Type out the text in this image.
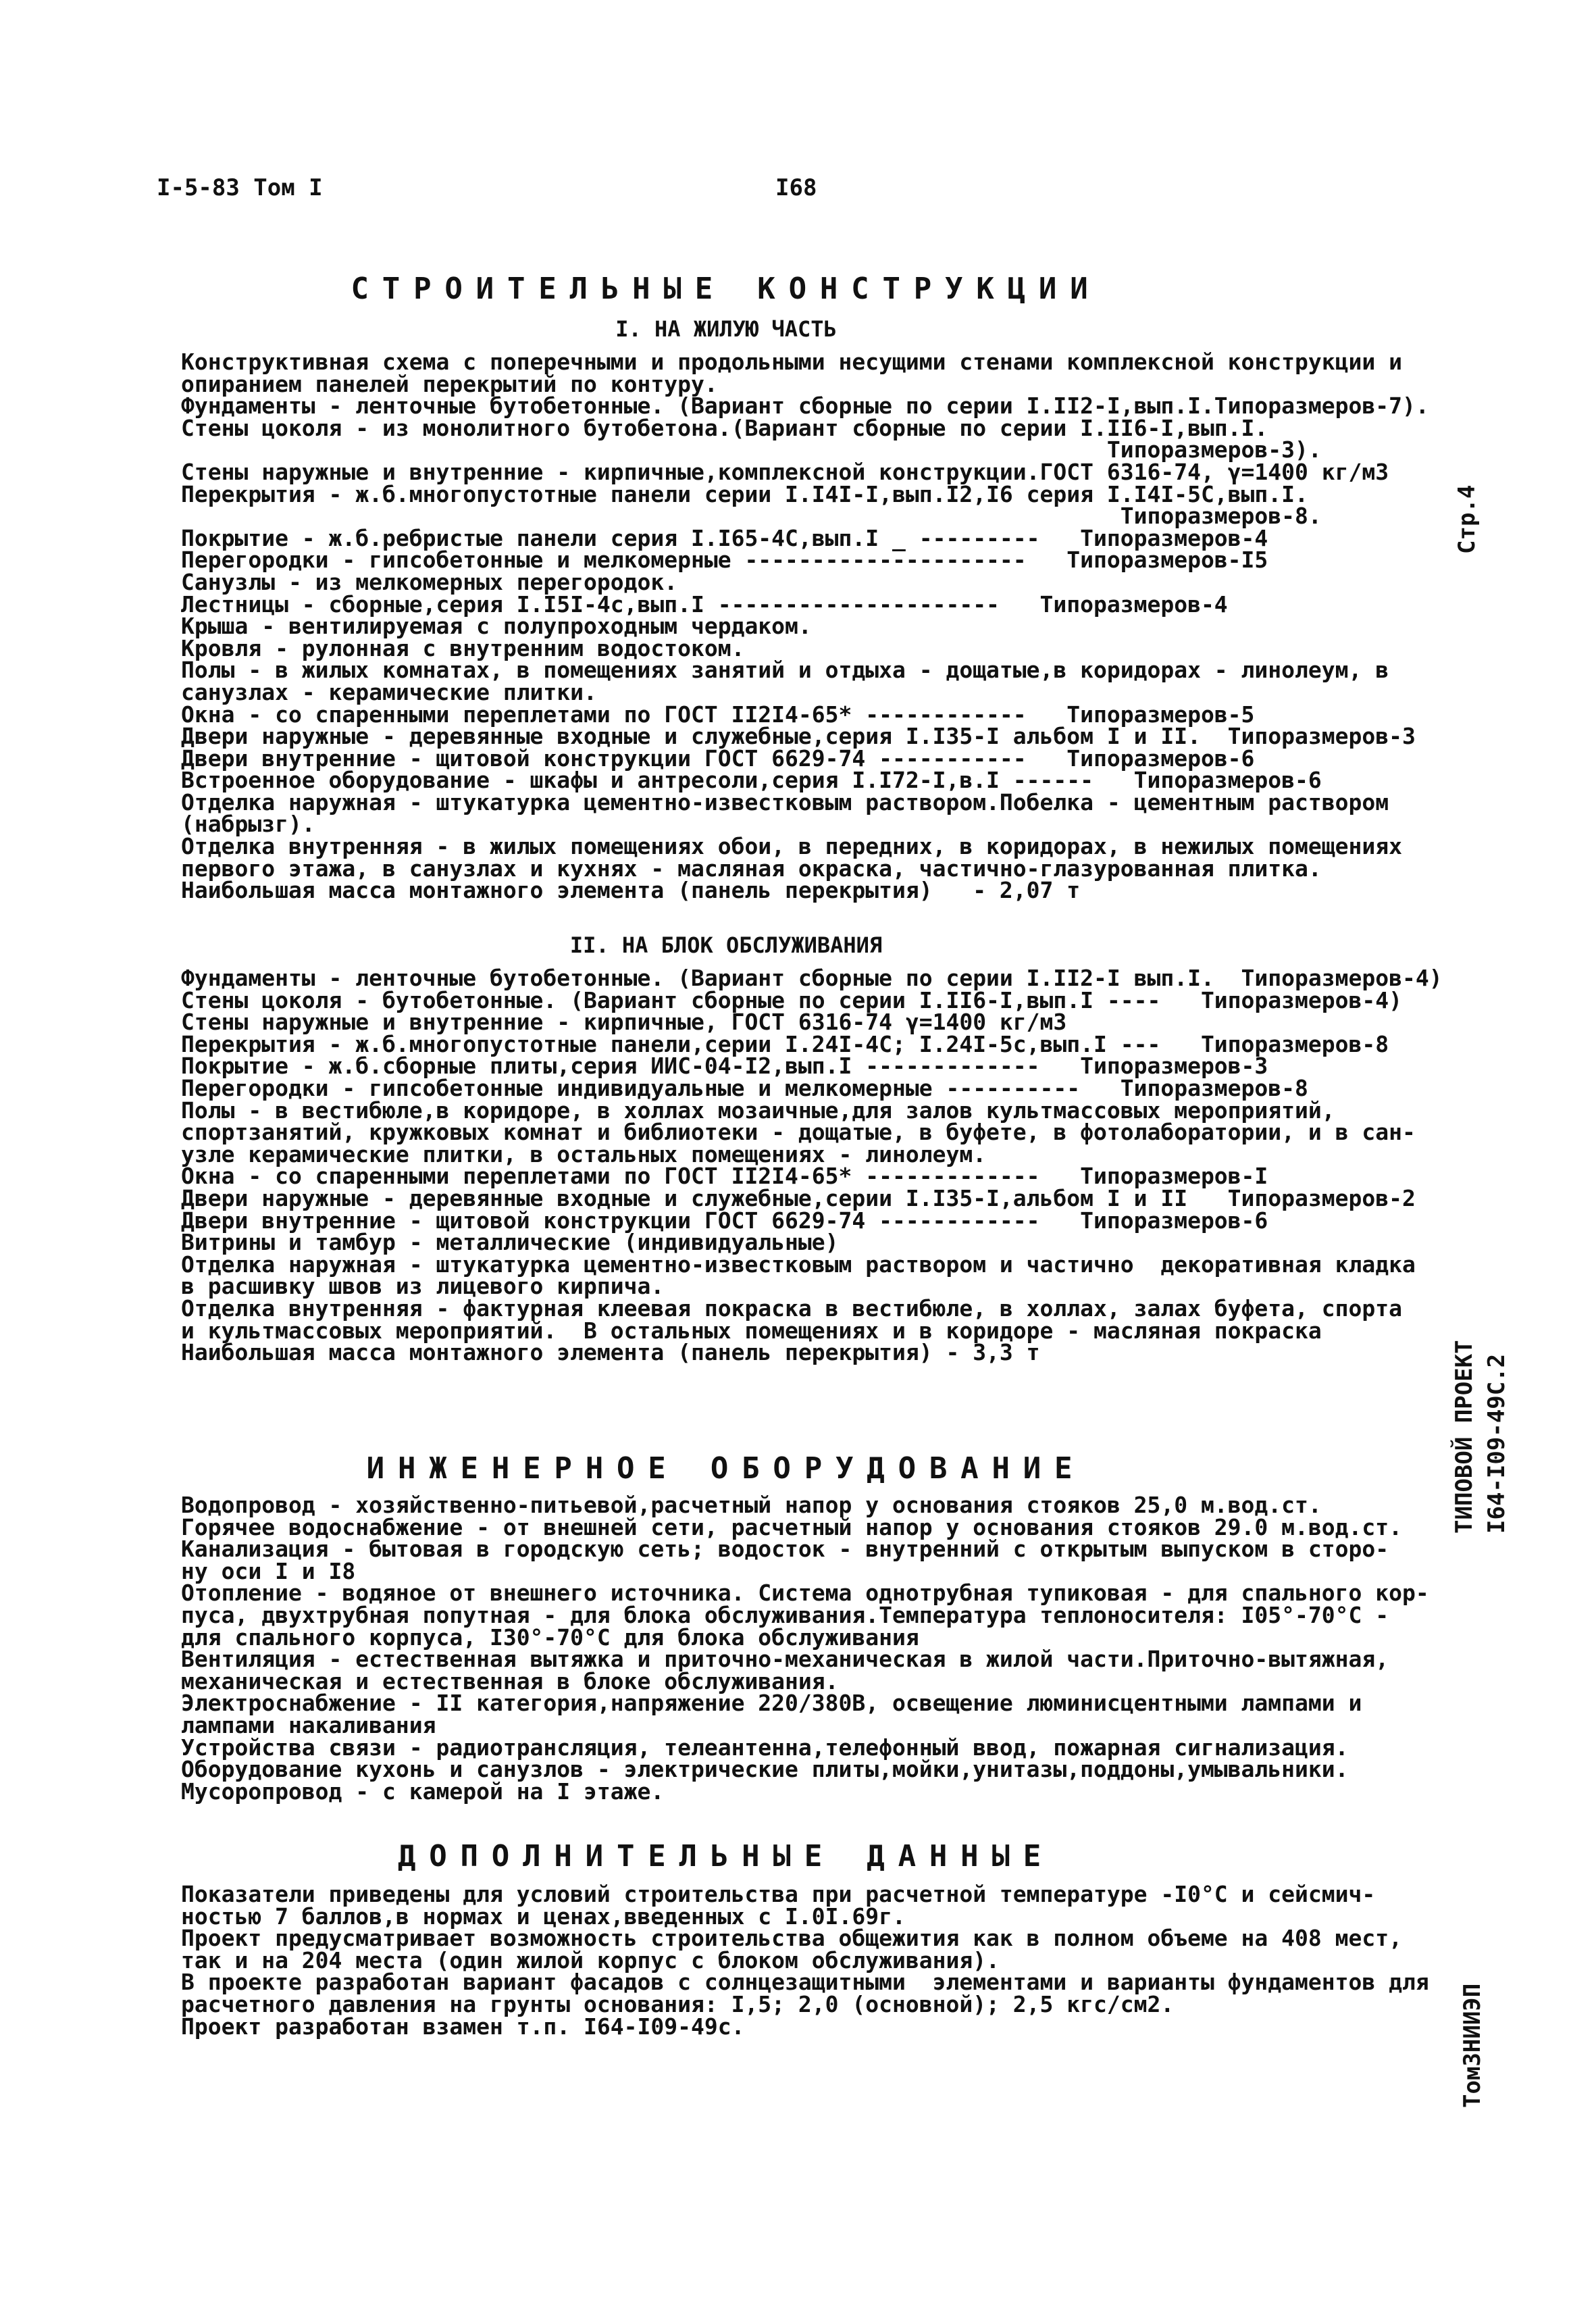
I-5-83 Том I	I68
СТРОИТЕЛЬНЫЕ КОНСТРУКЦИИ
I. НА ЖИЛУЮ ЧАСТЬ
Конструктивная схема с поперечными и продольными несущими стенами комплексной конструкции и
опиранием панелей перекрытий по контуру.
Фундаменты - ленточные бутобетонные. (Вариант сборные по серии I.II2-I,вып.I.Типоразмеров-7).
Стены цоколя - из монолитного бутобетона.(Вариант сборные по серии I.II6-I,вып.I.
Типоразмеров-3).
Стены наружные и внутренние - кирпичные,комплексной конструкции.ГОСТ 6316-74, γ=1400 кг/м3
Перекрытия - ж.б.многопустотные панели серии I.I4I-I,вып.I2,I6 серия I.I4I-5С,вып.I.
Типоразмеров-8.
Покрытие - ж.б.ребристые панели серия I.I65-4С,вып.I _ ---------   Типоразмеров-4
Перегородки - гипсобетонные и мелкомерные ---------------------   Типоразмеров-I5
Санузлы - из мелкомерных перегородок.
Лестницы - сборные,серия I.I5I-4с,вып.I ---------------------   Типоразмеров-4
Крыша - вентилируемая с полупроходным чердаком.
Кровля - рулонная с внутренним водостоком.
Полы - в жилых комнатах, в помещениях занятий и отдыха - дощатые,в коридорах - линолеум, в
санузлах - керамические плитки.
Окна - со спаренными переплетами по ГОСТ II2I4-65* ------------   Типоразмеров-5
Двери наружные - деревянные входные и служебные,серия I.I35-I альбом I и II.  Типоразмеров-3
Двери внутренние - щитовой конструкции ГОСТ 6629-74 -----------   Типоразмеров-6
Встроенное оборудование - шкафы и антресоли,серия I.I72-I,в.I ------   Типоразмеров-6
Отделка наружная - штукатурка цементно-известковым раствором.Побелка - цементным раствором
(набрызг).
Отделка внутренняя - в жилых помещениях обои, в передних, в коридорах, в нежилых помещениях
первого этажа, в санузлах и кухнях - масляная окраска, частично-глазурованная плитка.
Наибольшая масса монтажного элемента (панель перекрытия)   - 2,07 т
II. НА БЛОК ОБСЛУЖИВАНИЯ
Фундаменты - ленточные бутобетонные. (Вариант сборные по серии I.II2-I вып.I.  Типоразмеров-4)
Стены цоколя - бутобетонные. (Вариант сборные по серии I.II6-I,вып.I ----   Типоразмеров-4)
Стены наружные и внутренние - кирпичные, ГОСТ 6316-74 γ=1400 кг/м3
Перекрытия - ж.б.многопустотные панели,серии I.24I-4С; I.24I-5с,вып.I ---   Типоразмеров-8
Покрытие - ж.б.сборные плиты,серия ИИС-04-I2,вып.I -------------   Типоразмеров-3
Перегородки - гипсобетонные индивидуальные и мелкомерные ----------   Типоразмеров-8
Полы - в вестибюле,в коридоре, в холлах мозаичные,для залов культмассовых мероприятий,
спортзанятий, кружковых комнат и библиотеки - дощатые, в буфете, в фотолаборатории, и в сан-
узле керамические плитки, в остальных помещениях - линолеум.
Окна - со спаренными переплетами по ГОСТ II2I4-65* -------------   Типоразмеров-I
Двери наружные - деревянные входные и служебные,серии I.I35-I,альбом I и II   Типоразмеров-2
Двери внутренние - щитовой конструкции ГОСТ 6629-74 ------------   Типоразмеров-6
Витрины и тамбур - металлические (индивидуальные)
Отделка наружная - штукатурка цементно-известковым раствором и частично  декоративная кладка
в расшивку швов из лицевого кирпича.
Отделка внутренняя - фактурная клеевая покраска в вестибюле, в холлах, залах буфета, спорта
и культмассовых мероприятий.  В остальных помещениях и в коридоре - масляная покраска
Наибольшая масса монтажного элемента (панель перекрытия) - 3,3 т
ИНЖЕНЕРНОЕ ОБОРУДОВАНИЕ
Водопровод - хозяйственно-питьевой,расчетный напор у основания стояков 25,0 м.вод.ст.
Горячее водоснабжение - от внешней сети, расчетный напор у основания стояков 29.0 м.вод.ст.
Канализация - бытовая в городскую сеть; водосток - внутренний с открытым выпуском в сторо-
ну оси I и I8
Отопление - водяное от внешнего источника. Система однотрубная тупиковая - для спального кор-
пуса, двухтрубная попутная - для блока обслуживания.Температура теплоносителя: I05°-70°С -
для спального корпуса, I30°-70°С для блока обслуживания
Вентиляция - естественная вытяжка и приточно-механическая в жилой части.Приточно-вытяжная,
механическая и естественная в блоке обслуживания.
Электроснабжение - II категория,напряжение 220/380В, освещение люминисцентными лампами и
лампами накаливания
Устройства связи - радиотрансляция, телеантенна,телефонный ввод, пожарная сигнализация.
Оборудование кухонь и санузлов - электрические плиты,мойки,унитазы,поддоны,умывальники.
Мусоропровод - с камерой на I этаже.
ДОПОЛНИТЕЛЬНЫЕ ДАННЫЕ
Показатели приведены для условий строительства при расчетной температуре -I0°С и сейсмич-
ностью 7 баллов,в нормах и ценах,введенных с I.0I.69г.
Проект предусматривает возможность строительства общежития как в полном объеме на 408 мест,
так и на 204 места (один жилой корпус с блоком обслуживания).
В проекте разработан вариант фасадов с солнцезащитными  элементами и варианты фундаментов для
расчетного давления на грунты основания: I,5; 2,0 (основной); 2,5 кгс/см2.
Проект разработан взамен т.п. I64-I09-49с.
Стр.4
ТИПОВОЙ ПРОЕКТ I64-I09-49С.2
ТомЗНИИЭП
